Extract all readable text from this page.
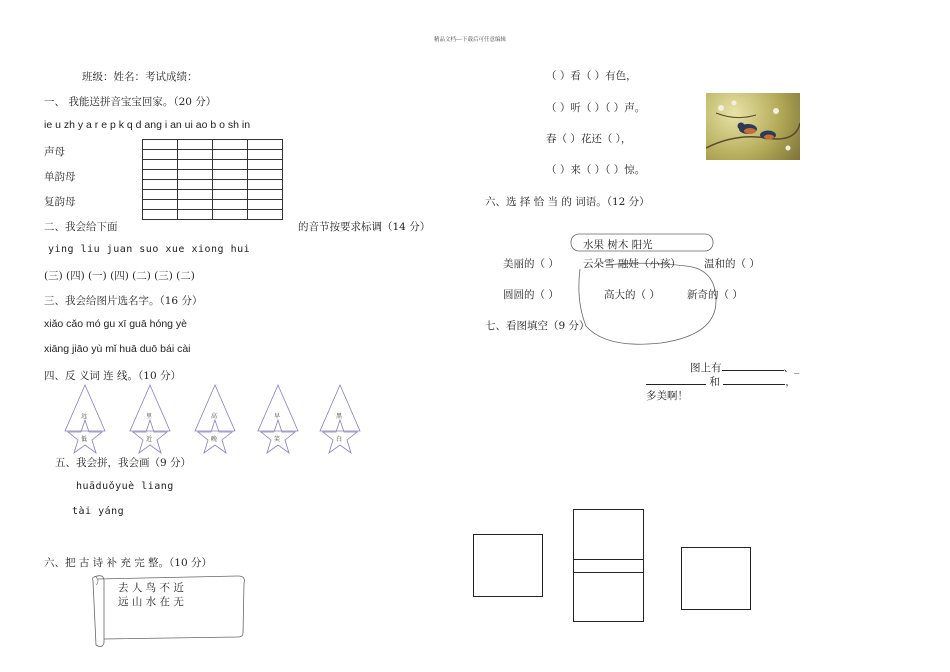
精品文档---下载后可任意编辑
班级：姓名：考试成绩：
一、 我能送拼音宝宝回家。（20 分）
ie u zh y a r e p k q d ang i an ui ao b o sh in
声母
单韵母
复韵母

二、我会给下面	的音节按要求标调（14 分）
ying liu juan suo xue xiong hui
(三) (四) (一) (四) (二) (三) (二)
三、我会给图片选名字。（16 分）
xiǎo cǎo mó gu xī guā hóng yè
xiāng jiāo yù mǐ huā duō bái cài
四、反 义词 连 线。（10 分）
远	里	高	早	黑
低	近	晚	笑	白
五、我会拼，我会画（9 分）
huāduǒyuè liang
tài yáng
六、把 古 诗 补 充 完 整。（10 分）
去 人 鸟 不 近
远 山 水 在 无
（ ）看（ ）有色，
（ ）听（ ）（ ）声。
春（ ）花还（ ），
（ ）来（ ）（ ）惊。
六、选 择 恰 当 的 词语。（12 分）
水果 树木 阳光
云朵雪 融娃（小孩）
美丽的（ ）	温和的（ ）
圆圆的（ ）	高大的（ ）	新奇的（ ）
七、看图填空（9 分）
图上有	、_
和	，
多美啊！
